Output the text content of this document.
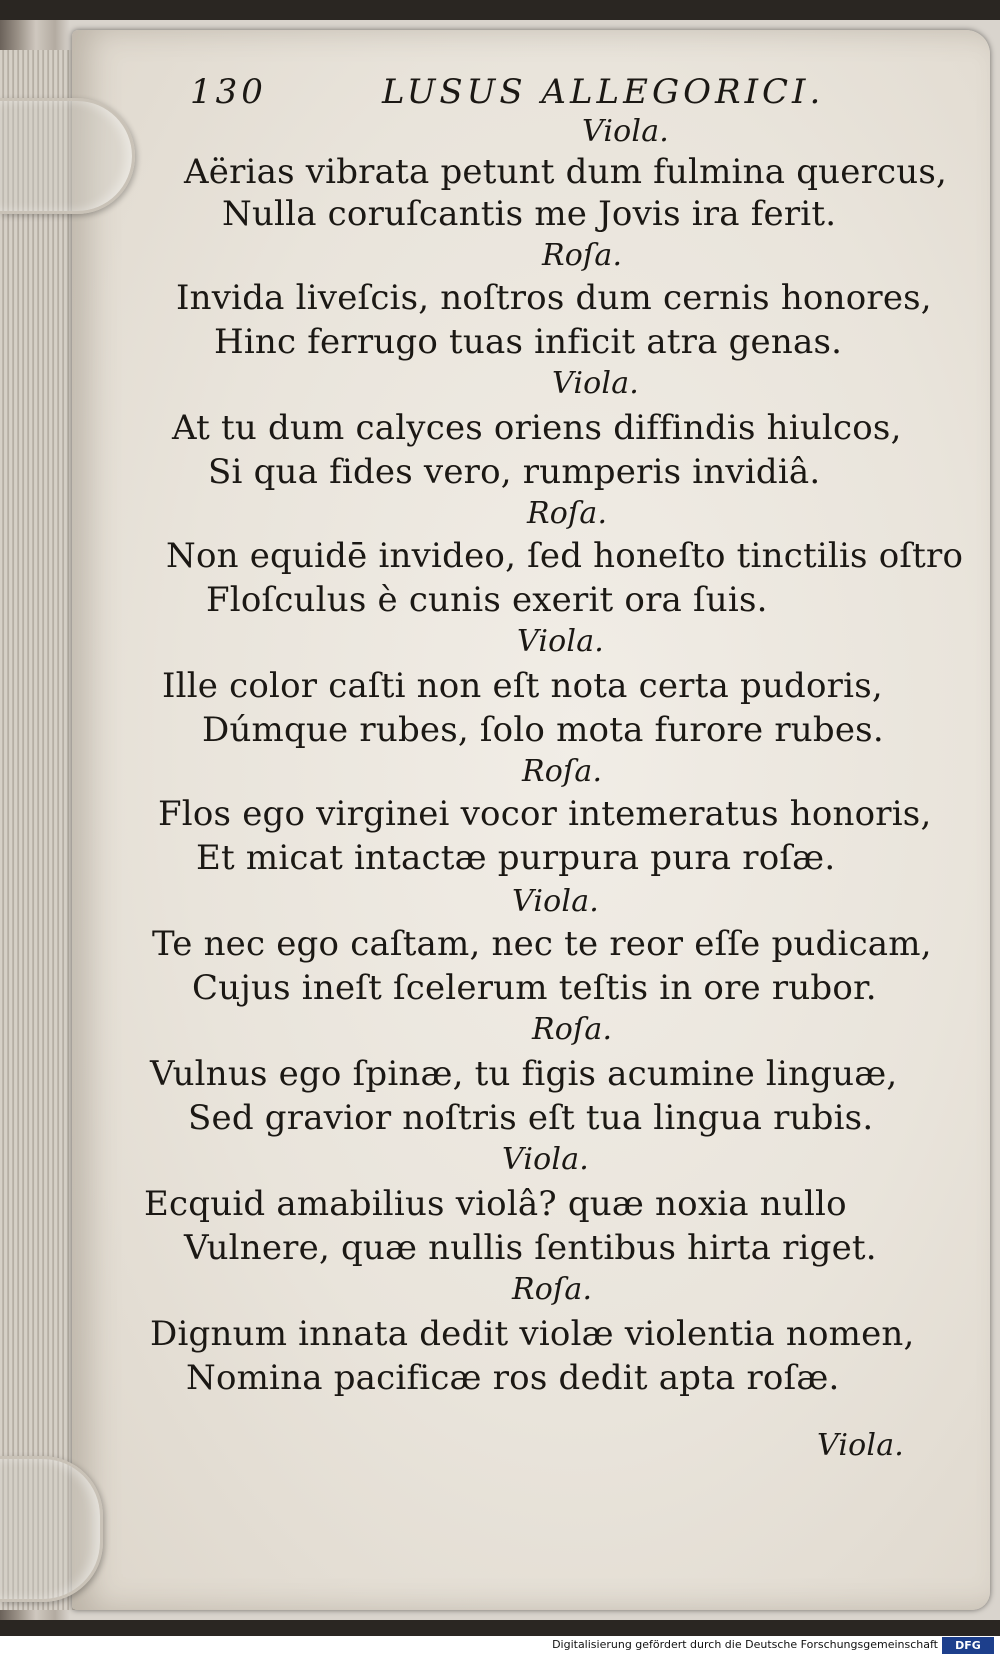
130	LUSUS ALLEGORICI.
Viola.
Aërias vibrata petunt dum fulmina quercus,
Nulla coruſcantis me Jovis ira ferit.
Roſa.
Invida liveſcis, noſtros dum cernis honores,
Hinc ferrugo tuas inficit atra genas.
Viola.
At tu dum calyces oriens diffindis hiulcos,
Si qua fides vero, rumperis invidiâ.
Roſa.
Non equidē invideo, ſed honeſto tinctilis oſtro
Floſculus è cunis exerit ora ſuis.
Viola.
Ille color caſti non eſt nota certa pudoris,
Dúmque rubes, ſolo mota furore rubes.
Roſa.
Flos ego virginei vocor intemeratus honoris,
Et micat intactæ purpura pura roſæ.
Viola.
Te nec ego caſtam, nec te reor eſſe pudicam,
Cujus ineſt ſcelerum teſtis in ore rubor.
Roſa.
Vulnus ego ſpinæ, tu figis acumine linguæ,
Sed gravior noſtris eſt tua lingua rubis.
Viola.
Ecquid amabilius violâ? quæ noxia nullo
Vulnere, quæ nullis ſentibus hirta riget.
Roſa.
Dignum innata dedit violæ violentia nomen,
Nomina pacificæ ros dedit apta roſæ.
Viola.
Digitalisierung gefördert durch die Deutsche Forschungsgemeinschaft	DFG
